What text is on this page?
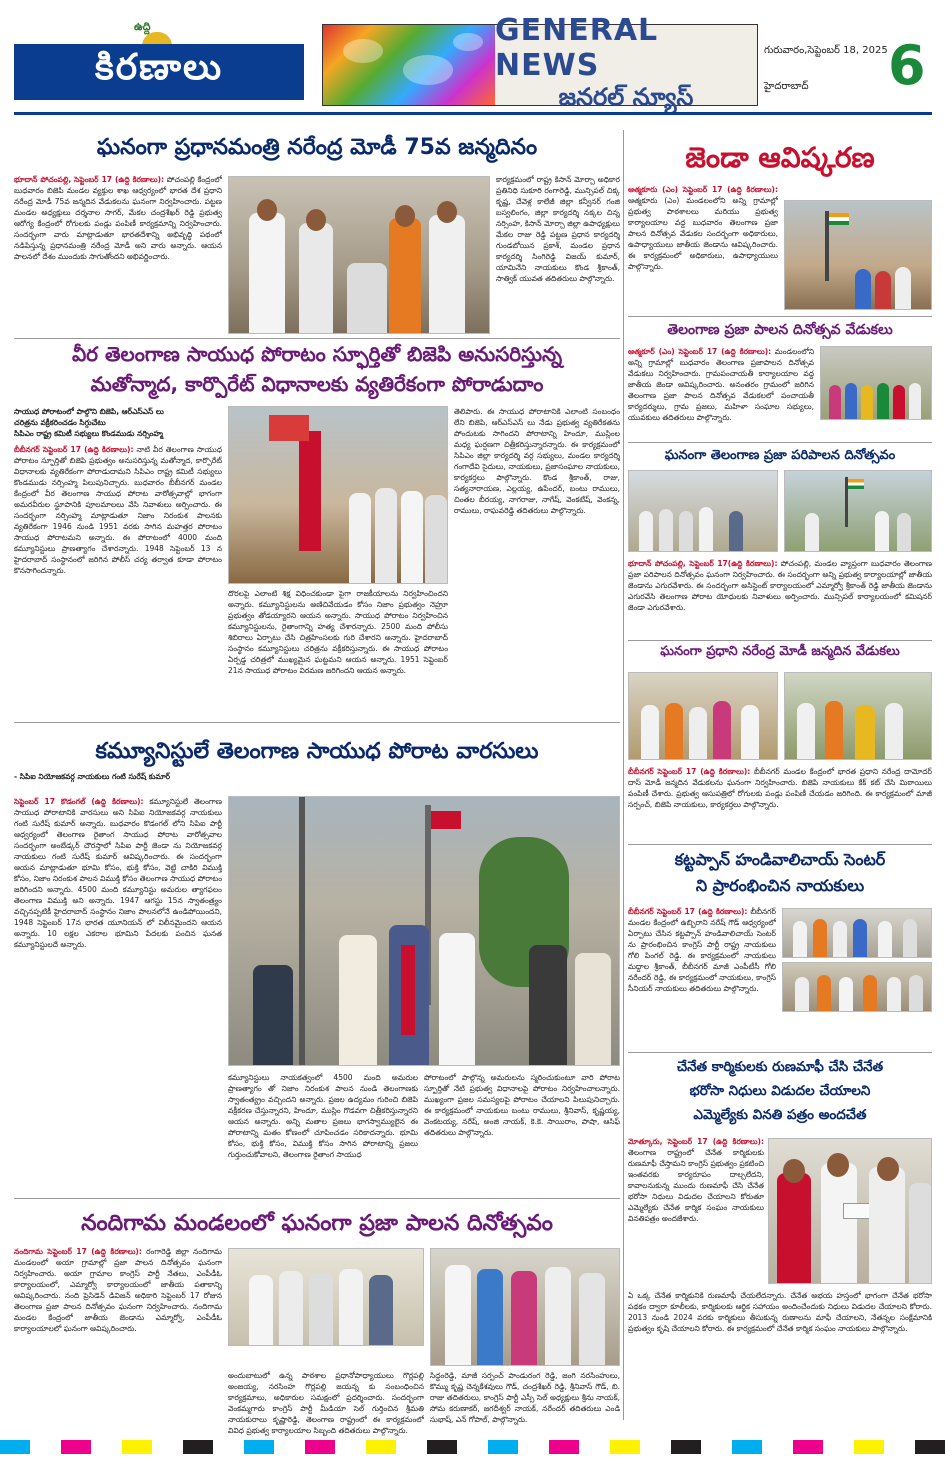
ఉద్ది
కిరణాలు
GENERAL NEWS
జనరల్ న్యూస్
గురువారం,సెప్టెంబర్ 18, 2025
హైదరాబాద్ 6
ఘనంగా ప్రధానమంత్రి నరేంద్ర మోడీ 75వ జన్మదినం
భూదాన్ పోచంపల్లి, సెప్టెంబర్ 17 (ఉద్ది కిరణాలు): పోచంపల్లి కేంద్రంలో బుధవారం బిజెపి మండల వ్యక్తుల శాఖ ఆధ్వర్యంలో భారత దేశ ప్రధాని నరేంద్ర మోడీ 75వ జన్మదిన వేడుకలను ఘనంగా నిర్వహించారు. పట్టణ మండల అధ్యక్షులు దర్శనాల సాగర్, మేకల చంద్రశేఖర్ రెడ్డి ప్రభుత్వ ఆరోగ్య కేంద్రంలో రోగులకు పండ్లు పంపిణీ కార్యక్రమాన్ని నిర్వహించారు. సందర్భంగా వారు మాట్లాడుతూ భారతదేశాన్ని అభివృద్ధి పథంలో నడిపిస్తున్న ప్రధానమంత్రి నరేంద్ర మోడీ అని వారు అన్నారు. ఆయన పాలనలో దేశం ముందుకు సాగుతోందని అభివర్ణించారు.
కార్యక్రమంలో రాష్ట్ర కిసాన్ మోర్చా అధికార ప్రతినిధి సుకూరి రంగారెడ్డి, మున్సిపల్ చిక్క కృష్ణ, చేవెళ్ల కాలేజీ జిల్లా కన్వీనర్ గంజి బస్వలింగం, జిల్లా కార్యదర్శి నక్కల చిన్న నర్సింహ, కిసాన్ మోర్చా జిల్లా ఉపాధ్యక్షులు మేకల రాజు రెడ్డి పట్టణ ప్రధాన కార్యదర్శి గుండబోయిన ప్రకాశ్, మండల ప్రధాన కార్యదర్శి సింగిరెడ్డి విజయ్ కుమార్, యామినేని నాయకులు కొండ శ్రీకాంత్, సాత్విక్ యువత తదితరులు పాల్గొన్నారు.
వీర తెలంగాణ సాయుధ పోరాటం స్ఫూర్తితో బిజెపి అనుసరిస్తున్న
మతోన్మాద, కార్పొరేట్ విధానాలకు వ్యతిరేకంగా పోరాడుదాం
సాయుధ పోరాటంలో పాల్గొని బిజెపి, ఆర్ఎస్ఎస్ లు
చరిత్రను వక్రీకరించడం సిగ్గుచేటు
సిపిఎం రాష్ట్ర కమిటీ సభ్యులు కొండముడు నర్సింహ్మ
బీబీనగర్ సెప్టెంబర్ 17 (ఉద్ది కిరణాలు): నాటి వీర తెలంగాణ సాయుధ పోరాటం స్ఫూర్తితో బిజెపి ప్రభుత్వం అనుసరిస్తున్న మతోన్మాద, కార్పొరేట్ విధానాలకు వ్యతిరేకంగా పోరాడుదామని సిపిఎం రాష్ట్ర కమిటీ సభ్యులు కొండముడు నర్సింహ్మ పిలుపునిచ్చారు. బుధవారం బీబీనగర్ మండల కేంద్రంలో వీర తెలంగాణ సాయుధ పోరాట వారోత్సవాల్లో భాగంగా అమరవీరుల స్థూపానికి పూలమాలలు వేసి నివాళులు అర్పించారు. ఈ సందర్భంగా నర్సింహ్మ మాట్లాడుతూ నిజాం నిరంకుశ పాలనకు వ్యతిరేకంగా 1946 నుండి 1951 వరకు సాగిన మహత్తర పోరాటం సాయుధ పోరాటమని అన్నారు. ఈ పోరాటంలో 4000 మంది కమ్యూనిస్టులు ప్రాణత్యాగం చేశారన్నారు. 1948 సెప్టెంబర్ 13 న హైదరాబాద్ సంస్థానంలో జరిగిన పోలీస్ చర్య తర్వాత కూడా పోరాటం కొనసాగిందన్నారు.
దొరలపై ఎలాంటి శిక్ష విధించకుండా పైగా రాజకీయాలను నిర్వహించిందని అన్నారు. కమ్యూనిస్టులను అణిచివేయడం కోసం నిజాం ప్రభుత్వం నెహ్రూ ప్రభుత్వం తోడయ్యారని ఆయన అన్నారు. సాయుధ పోరాటం నిర్వహించిన కమ్యూనిస్టులను, రైతాంగాన్ని హత్య చేశారన్నారు. 2500 మంది పోలీసు శిబిరాలు ఏర్పాటు చేసి చిత్రహింసలకు గురి చేశారని అన్నారు. హైదరాబాద్ సంస్థానం కమ్యూనిస్టులు చరిత్రను వక్రీకరిస్తున్నారు. ఈ సాయుధ పోరాటం ఏర్పడ్డ చరిత్రలో ముఖ్యమైన ఘట్టమని ఆయన అన్నారు. 1951 సెప్టెంబర్ 21న సాయుధ పోరాటం విరమణ జరిగిందని ఆయన అన్నారు.
తెలిపారు. ఈ సాయుధ పోరాటానికి ఎలాంటి సంబంధం లేని బిజెపి, ఆర్ఎస్ఎస్ లు నేడు ప్రభుత్వ వ్యతిరేకతను పోందుటకు సాగిందని పోరాటాన్ని హిందూ, ముస్లింల మధ్య ఘర్షణగా చిత్రీకరిస్తున్నారన్నారు. ఈ కార్యక్రమంలో సిపిఎం జిల్లా కార్యదర్శి వర్గ సభ్యులు, మండల కార్యదర్శి గంగాదేవి సైదులు, నాయకులు, ప్రజాసంఘాల నాయకులు, కార్యకర్తలు పాల్గొన్నారు. కొండ శ్రీకాంత్, రాజు, సత్యనారాయణ, ఎల్లయ్య, ఉపేందర్, బంటు రాములు, చింతల బీరయ్య, నాగరాజు, నాగేష్, వెంకటేష్, వెంకన్న, రాములు, రాఘవరెడ్డి తదితరులు పాల్గొన్నారు.
కమ్యూనిస్టులే తెలంగాణ సాయుధ పోరాట వారసులు
- సిపిఐ నియోజకవర్గ నాయకులు గంటి సురేష్ కుమార్
సెప్టెంబర్ 17 కొడంగల్ (ఉద్ది కిరణాలు): కమ్యూనిస్టులే తెలంగాణ సాయుధ పోరాటానికి వారసులు అని సిపిఐ నియోజకవర్గ నాయకులు గంటి సురేష్ కుమార్ అన్నారు. బుధవారం కొడంగల్ లోని సిపిఐ పార్టీ ఆధ్వర్యంలో తెలంగాణ రైతాంగ సాయుధ పోరాట వారోత్సవాల సందర్భంగా అంబేడ్కర్ చౌరస్తాలో సిపిఐ పార్టీ జెండా ను నియోజకవర్గ నాయకులు గంటి సురేష్ కుమార్ ఆవిష్కరించారు. ఈ సందర్భంగా ఆయన మాట్లాడుతూ భూమి కోసం, భుక్తి కోసం, వెట్టి చాకిరి విముక్తి కోసం, నిజాం నిరంకుశ పాలన విముక్తి కోసం తెలంగాణ సాయుధ పోరాటం జరిగిందని అన్నారు. 4500 మంది కమ్యూనిస్టు అమరుల త్యాగఫలం తెలంగాణ విముక్తి అని అన్నారు. 1947 ఆగస్టు 15న స్వాతంత్ర్యం వచ్చినప్పటికీ హైదరాబాద్ సంస్థానం నిజాం పాలనలోనే ఉండిపోయిందని, 1948 సెప్టెంబర్ 17న భారత యూనియన్ లో విలీనమైందని ఆయన అన్నారు. 10 లక్షల ఎకరాల భూమిని పేదలకు పంచిన ఘనత కమ్యూనిస్టులదే అన్నారు.
కమ్యూనిస్టులు నాయకత్వంలో 4500 మంది అమరుల ప్రాణత్యాగం తో నిజాం నిరంకుశ పాలన నుండి తెలంగాణకు స్వాతంత్య్రం వచ్చిందని అన్నారు. ప్రజల ఉద్యమం గురించి బిజెపి వక్రీకరణ చేస్తున్నారని, హిందూ, ముస్లిం గొడవగా చిత్రీకరిస్తున్నారని ఆయన అన్నారు. అన్ని మతాల ప్రజలు భాగస్వామ్యులైన ఈ పోరాటాన్ని మతం కోణంలో చూపించడం సరికాదన్నారు. భూమి కోసం, భుక్తి కోసం, విముక్తి కోసం సాగిన పోరాటాన్ని ప్రజలు గుర్తుంచుకోవాలని, తెలంగాణ రైతాంగ సాయుధ
పోరాటంలో పాల్గొన్న అమరులను స్మరించుకుంటూ వారి పోరాట స్ఫూర్తితో నేటి ప్రభుత్వ విధానాలపై పోరాటం నిర్వహించాలన్నారు. ముఖ్యంగా ప్రజల సమస్యలపై పోరాటం చేయాలని పిలుపునిచ్చారు. ఈ కార్యక్రమంలో నాయకులు బంటు రాములు, శ్రీనివాస్, కృష్ణయ్య, వెంకటయ్య, నరేష్, అంజి నాయక్, కె.కె. సాయిరాం, పాషా, ఆసిఫ్ తదితరులు పాల్గొన్నారు.
నందిగామ మండలంలో ఘనంగా ప్రజా పాలన దినోత్సవం
నందిగామ సెప్టెంబర్ 17 (ఉద్ది కిరణాలు): రంగారెడ్డి జిల్లా నందిగామ మండలంలో అయా గ్రామాల్లో ప్రజా పాలన దినోత్సవం ఘనంగా నిర్వహించారు. అయా గ్రామాల కాంగ్రెస్ పార్టీ నేతలు, ఎంపీడీఓ కార్యాలయంలో, ఎమ్మార్వో కార్యాలయంలో జాతీయ పతాకాన్ని ఆవిష్కరించారు. నంది ప్రెసిడెన్ డివిజన్ అధికారి సెప్టెంబర్ 17 రోజున తెలంగాణ ప్రజా పాలన దినోత్సవం ఘనంగా నిర్వహించారు. నందిగామ మండల కేంద్రంలో జాతీయ జెండాను ఎమ్మార్వో, ఎంపీడీఓ కార్యాలయాలలో ఘనంగా ఆవిష్కరించారు.
అందుబాటులో ఉన్న పాఠశాల ప్రధానోపాధ్యాయులు గొర్లపల్లి అంజయ్య, నరసింహ గొర్లపల్లి జయన్న కు సంబంధించిన కార్యక్రమాలు, అధికారుల సమక్షంలో ప్రదర్శించారు. సందర్భంగా వెంకమ్మగారు కాంగ్రెస్ పార్టీ మీడియా సెల్ గుర్తించిన శ్రీమతి నాయకురాలు కృష్ణారెడ్డి, తెలంగాణ రాష్ట్రంలో ఈ కార్యక్రమంలో వివిధ ప్రభుత్వ కార్యాలయాల సిబ్బంది తదితరులు పాల్గొన్నారు.
సిద్ధంరెడ్డి, మాజీ సర్పంచ్ పాండురంగ రెడ్డి, జంగి నరసింహులు, కొమ్ము కృష్ణ చెన్నకేశవులు గౌడ్, చంద్రశేఖర్ రెడ్డి, శ్రీనివాస్ గౌడ్, బి. రాజు తదితరులు, కాంగ్రెస్ పార్టీ ఎస్సీ సెల్ అధ్యక్షులు శ్రీను నాయక్, సోమ కరుణాకర్, జగదీశ్వర్ నాయక్, నరేందర్ తదితరులు ఎండి సుభాష్, ఎన్ గోపాల్, పాల్గొన్నారు.
జెండా ఆవిష్కరణ
ఆత్మకూరు (ఎం) సెప్టెంబర్ 17 (ఉద్ది కిరణాలు): ఆత్మకూరు (ఎం) మండలంలోని అన్ని గ్రామాల్లో ప్రభుత్వ పాఠశాలలు మరియు ప్రభుత్వ కార్యాలయాల వద్ద బుధవారం తెలంగాణ ప్రజా పాలన దినోత్సవ వేడుకల సందర్భంగా అధికారులు, ఉపాధ్యాయులు జాతీయ జెండాను ఆవిష్కరించారు. ఈ కార్యక్రమంలో అధికారులు, ఉపాధ్యాయులు పాల్గొన్నారు.
తెలంగాణ ప్రజా పాలన దినోత్సవ వేడుకలు
ఆత్మకూర్ (ఎం) సెప్టెంబర్ 17 (ఉద్ది కిరణాలు): మండలంలోని అన్ని గ్రామాల్లో బుధవారం తెలంగాణ ప్రజాపాలన దినోత్సవ వేడుకలు నిర్వహించారు. గ్రామపంచాయతీ కార్యాలయాల వద్ద జాతీయ జెండా ఆవిష్కరించారు. అనంతరం గ్రామంలో జరిగిన తెలంగాణ ప్రజా పాలన దినోత్సవ వేడుకలలో పంచాయతీ కార్యదర్శులు, గ్రామ ప్రజలు, మహిళా సంఘాల సభ్యులు, యువకులు తదితరులు పాల్గొన్నారు.
ఘనంగా తెలంగాణ ప్రజా పరిపాలన దినోత్సవం
భూదాన్ పోచంపల్లి, సెప్టెంబర్ 17(ఉద్ది కిరణాలు): పోచంపల్లి, మండల వ్యాప్తంగా బుధవారం తెలంగాణ ప్రజా పరిపాలన దినోత్సవం ఘనంగా నిర్వహించారు. ఈ సందర్భంగా అన్ని ప్రభుత్వ కార్యాలయాల్లో జాతీయ జెండాను ఎగురవేశారు. ఈ సందర్భంగా అసిస్టెంట్ కార్యాలయంలో ఎమ్మార్వో శ్రీకాంత్ రెడ్డి జాతీయ జెండాను ఎగురవేసి తెలంగాణ పోరాట యోధులకు నివాళులు అర్పించారు. మున్సిపల్ కార్యాలయంలో కమిషనర్ జెండా ఎగురవేశారు.
ఘనంగా ప్రధాని నరేంద్ర మోడీ జన్మదిన వేడుకలు
బీబీనగర్ సెప్టెంబర్ 17 (ఉద్ది కిరణాలు): బీబీనగర్ మండల కేంద్రంలో భారత ప్రధాని నరేంద్ర దామోదర్ దాస్ మోడీ జన్మదిన వేడుకలను ఘనంగా నిర్వహించారు. బిజెపి నాయకులు కేక్ కట్ చేసి మిఠాయిలు పంపిణీ చేశారు. ప్రభుత్వ ఆసుపత్రిలో రోగులకు పండ్లు పంపిణీ చేయడం జరిగింది. ఈ కార్యక్రమంలో మాజీ సర్పంచ్, బిజెపి నాయకులు, కార్యకర్తలు పాల్గొన్నారు.
కట్టప్పాన్ హండివాలిచాయ్ సెంటర్
ని ప్రారంభించిన నాయకులు
బీబీనగర్ సెప్టెంబర్ 17 (ఉద్ది కిరణాలు): బీబీనగర్ మండల కేంద్రంలో ఉబ్బిరాని నరేష్ గౌడ్ ఆధ్వర్యంలో ఏర్పాటు చేసిన కట్టప్పాన్ హండివాలిచాయ్ సెంటర్ ను ప్రారంభించిన కాంగ్రెస్ పార్టీ రాష్ట్ర నాయకులు గోలి పింగల్ రెడ్డి. ఈ కార్యక్రమంలో నాయకులు మద్దాల శ్రీకాంత్, బీబీనగర్ మాజీ ఎంపీటీసీ గోలి నరేందర్ రెడ్డి, ఈ కార్యక్రమంలో నాయకులు, కాంగ్రెస్ సీనియర్ నాయకులు తదితరులు పాల్గొన్నారు.
చేనేత కార్మికులకు రుణమాఫీ చేసి చేనేత
భరోసా నిధులు విడుదల చేయాలని
ఎమ్మెల్యేకు వినతి పత్రం అందచేత
మోత్కూరు, సెప్టెంబర్ 17 (ఉద్ది కిరణాలు): తెలంగాణ రాష్ట్రంలో చేనేత కార్మికులకు రుణమాఫీ చేస్తామని కాంగ్రెస్ ప్రభుత్వం ప్రకటించి ఇంతవరకు కార్యరూపం దాల్చలేదని, కావాలనుకున్న ముందు రుణమాఫీ చేసి చేనేత భరోసా నిధులు విడుదల చేయాలని కోరుతూ ఎమ్మెల్యేకు చేనేత కార్మిక సంఘం నాయకులు వినతిపత్రం అందజేశారు.
ఏ ఒక్క చేనేత కార్మికునికి రుణమాఫీ చేయలేదన్నారు. చేనేత అభయ హస్తంలో భాగంగా చేనేత భరోసా పథకం ద్వారా కూలీలకు, కార్మికులకు ఆర్థిక సహాయం అందించేందుకు నిధులు విడుదల చేయాలని కోరారు. 2013 నుండి 2024 వరకు కార్మికులు తీసుకున్న రుణాలను మాఫీ చేయాలని, నేతన్నల సంక్షేమానికి ప్రభుత్వం కృషి చేయాలని కోరారు. ఈ కార్యక్రమంలో చేనేత కార్మిక సంఘం నాయకులు పాల్గొన్నారు.
